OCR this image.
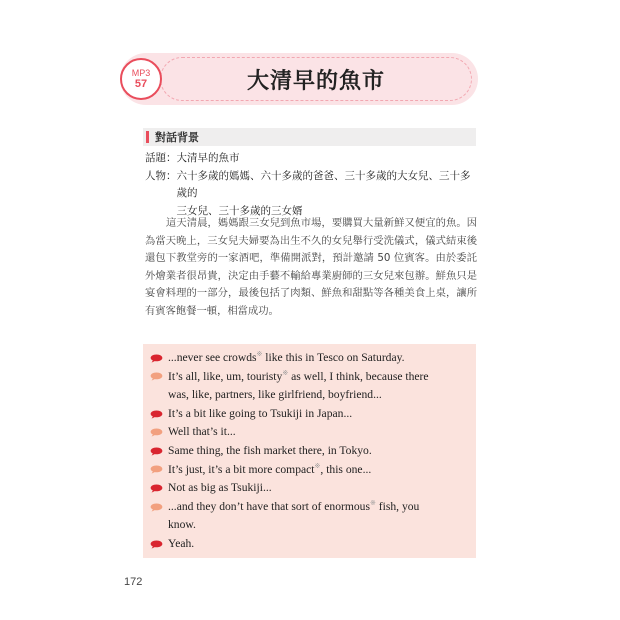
大清早的魚市
MP3
57
對話背景
話題： 大清早的魚市
人物： 六十多歲的媽媽、六十多歲的爸爸、三十多歲的大女兒、三十多歲的
三女兒、三十多歲的三女婿
這天清晨，媽媽跟三女兒到魚市場，要購買大量新鮮又便宜的魚。因為當天晚上，三女兒夫婦要為出生不久的女兒舉行受洗儀式，儀式結束後還包下教堂旁的一家酒吧，準備開派對，預計邀請 50 位賓客。由於委託外燴業者很昂貴，決定由手藝不輸給專業廚師的三女兒來包辦。鮮魚只是宴會料理的一部分，最後包括了肉類、鮮魚和甜點等各種美食上桌，讓所有賓客飽餐一頓，相當成功。
...never see crowds※ like this in Tesco on Saturday.
It’s all, like, um, touristy※ as well, I think, because there
was, like, partners, like girlfriend, boyfriend...
It’s a bit like going to Tsukiji in Japan...
Well that’s it...
Same thing, the fish market there, in Tokyo.
It’s just, it’s a bit more compact※, this one...
Not as big as Tsukiji...
...and they don’t have that sort of enormous※ fish, you
know.
Yeah.
172
